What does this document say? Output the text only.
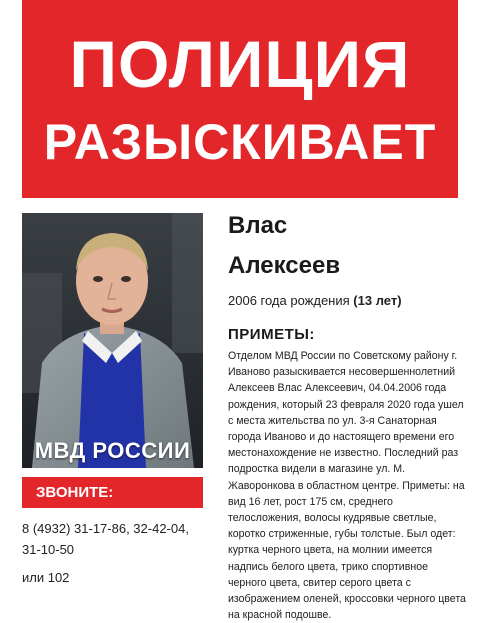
ПОЛИЦИЯ
РАЗЫСКИВАЕТ
МВД РОССИИ
Влас
Алексеев
2006 года рождения (13 лет)
ПРИМЕТЫ:
Отделом МВД России по Советскому району г. Иваново разыскивается несовершеннолетний Алексеев Влас Алексеевич, 04.04.2006 года рождения, который 23 февраля 2020 года ушел с места жительства по ул. 3-я Санаторная города Иваново и до настоящего времени его местонахождение не известно. Последний раз подростка видели в магазине ул. М. Жаворонкова в областном центре. Приметы: на вид 16 лет, рост 175 см, среднего телосложения, волосы кудрявые светлые, коротко стриженные, губы толстые. Был одет: куртка черного цвета, на молнии имеется надпись белого цвета, трико спортивное черного цвета, свитер серого цвета с изображением оленей, кроссовки черного цвета на красной подошве.
ЗВОНИТЕ:
8 (4932) 31-17-86, 32-42-04, 31-10-50
или 102
